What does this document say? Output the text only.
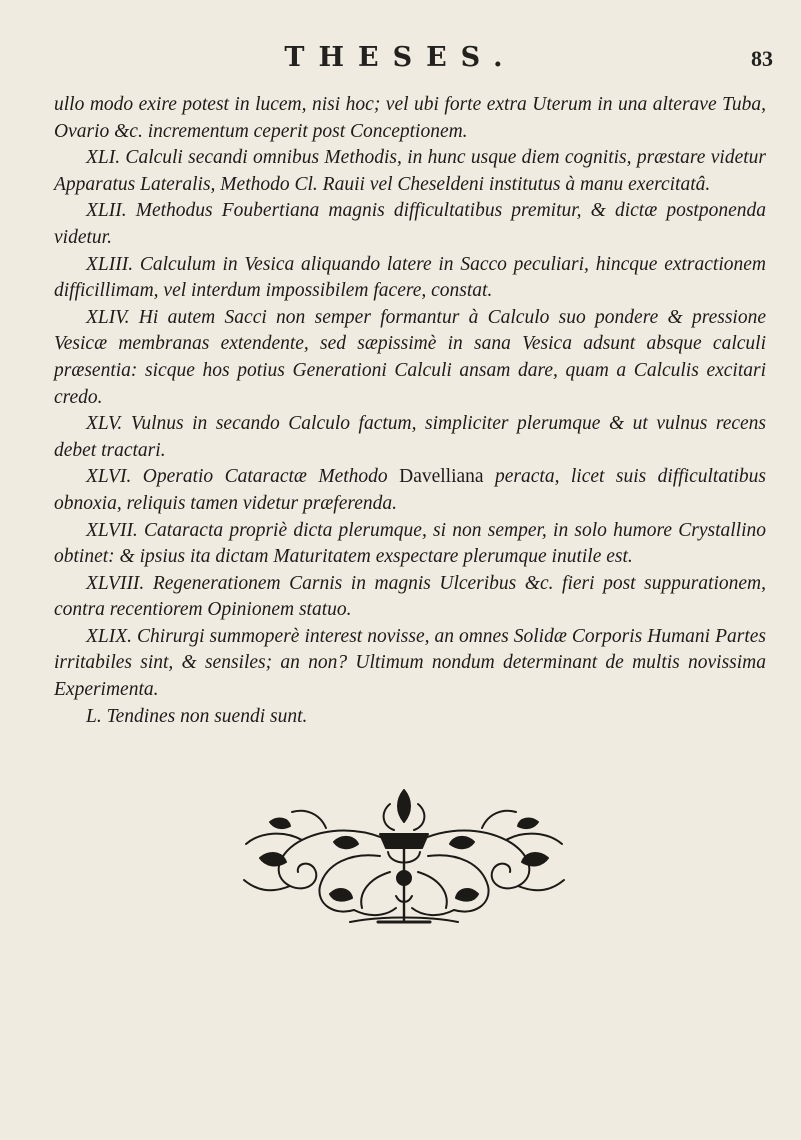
THESES.	83

ullo modo exire potest in lucem, nisi hoc; vel ubi forte extra Uterum in una alterave Tuba, Ovario &c. incrementum ceperit post Conceptionem.

XLI. Calculi secandi omnibus Methodis, in hunc usque diem cognitis, præstare videtur Apparatus Lateralis, Methodo Cl. Rauii vel Cheseldeni institutus à manu exercitatâ.

XLII. Methodus Foubertiana magnis difficultatibus premitur, & dictæ postponenda videtur.

XLIII. Calculum in Vesica aliquando latere in Sacco peculiari, hincque extractionem difficillimam, vel interdum impossibilem facere, constat.

XLIV. Hi autem Sacci non semper formantur à Calculo suo pondere & pressione Vesicæ membranas extendente, sed sæpissimè in sana Vesica adsunt absque calculi præsentia: sicque hos potius Generationi Calculi ansam dare, quam a Calculis excitari credo.

XLV. Vulnus in secando Calculo factum, simpliciter plerumque & ut vulnus recens debet tractari.

XLVI. Operatio Cataractæ Methodo Davelliana peracta, licet suis difficultatibus obnoxia, reliquis tamen videtur præferenda.

XLVII. Cataracta propriè dicta plerumque, si non semper, in solo humore Crystallino obtinet: & ipsius ita dictam Maturitatem exspectare plerumque inutile est.

XLVIII. Regenerationem Carnis in magnis Ulceribus &c. fieri post suppurationem, contra recentiorem Opinionem statuo.

XLIX. Chirurgi summoperè interest novisse, an omnes Solidæ Corporis Humani Partes irritabiles sint, & sensiles; an non? Ultimum nondum determinant de multis novissima Experimenta.

L. Tendines non suendi sunt.
